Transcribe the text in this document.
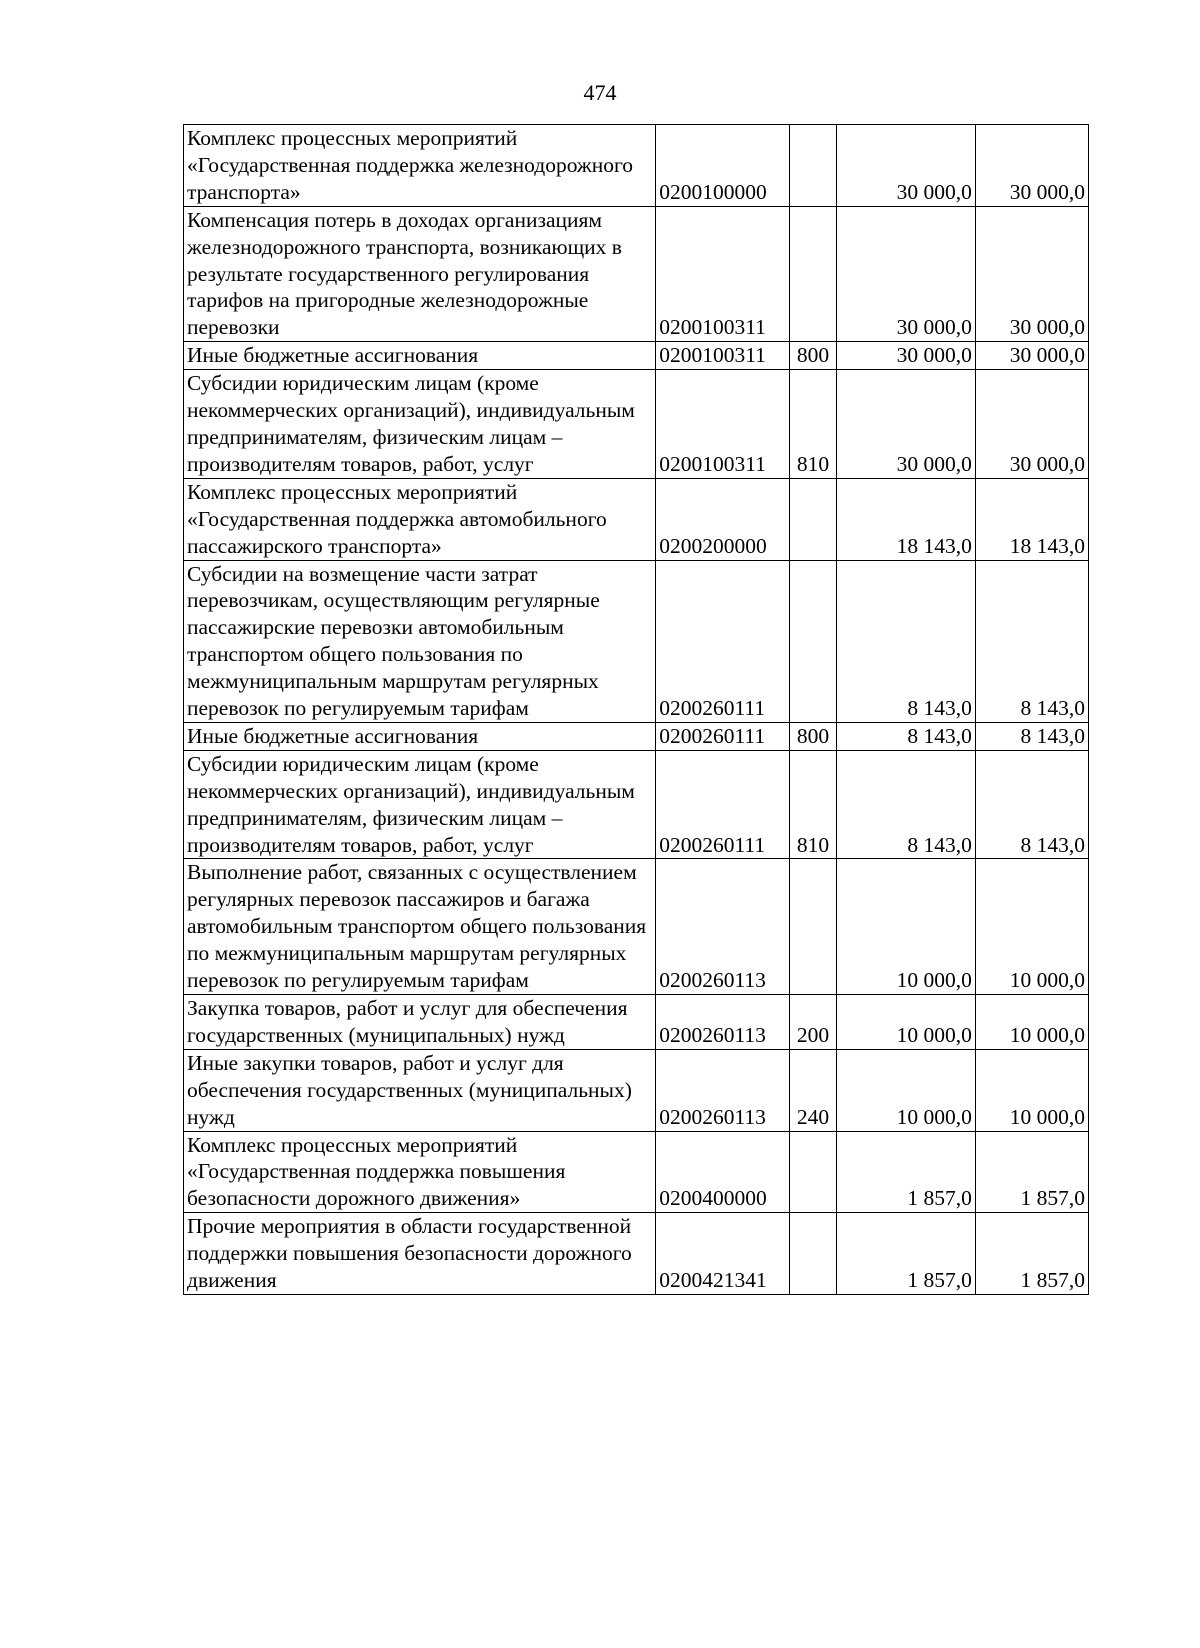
474
Комплекс процессных мероприятий «Государственная поддержка железнодорожного транспорта»	0200100000		30 000,0	30 000,0
Компенсация потерь в доходах организациям железнодорожного транспорта, возникающих в результате государственного регулирования тарифов на пригородные железнодорожные перевозки	0200100311		30 000,0	30 000,0
Иные бюджетные ассигнования	0200100311	800	30 000,0	30 000,0
Субсидии юридическим лицам (кроме некоммерческих организаций), индивидуальным предпринимателям, физическим лицам – производителям товаров, работ, услуг	0200100311	810	30 000,0	30 000,0
Комплекс процессных мероприятий «Государственная поддержка автомобильного пассажирского транспорта»	0200200000		18 143,0	18 143,0
Субсидии на возмещение части затрат перевозчикам, осуществляющим регулярные пассажирские перевозки автомобильным транспортом общего пользования по межмуниципальным маршрутам регулярных перевозок по регулируемым тарифам	0200260111		8 143,0	8 143,0
Иные бюджетные ассигнования	0200260111	800	8 143,0	8 143,0
Субсидии юридическим лицам (кроме некоммерческих организаций), индивидуальным предпринимателям, физическим лицам – производителям товаров, работ, услуг	0200260111	810	8 143,0	8 143,0
Выполнение работ, связанных с осуществлением регулярных перевозок пассажиров и багажа автомобильным транспортом общего пользования по межмуниципальным маршрутам регулярных перевозок по регулируемым тарифам	0200260113		10 000,0	10 000,0
Закупка товаров, работ и услуг для обеспечения государственных (муниципальных) нужд	0200260113	200	10 000,0	10 000,0
Иные закупки товаров, работ и услуг для обеспечения государственных (муниципальных) нужд	0200260113	240	10 000,0	10 000,0
Комплекс процессных мероприятий «Государственная поддержка повышения безопасности дорожного движения»	0200400000		1 857,0	1 857,0
Прочие мероприятия в области государственной поддержки повышения безопасности дорожного движения	0200421341		1 857,0	1 857,0
